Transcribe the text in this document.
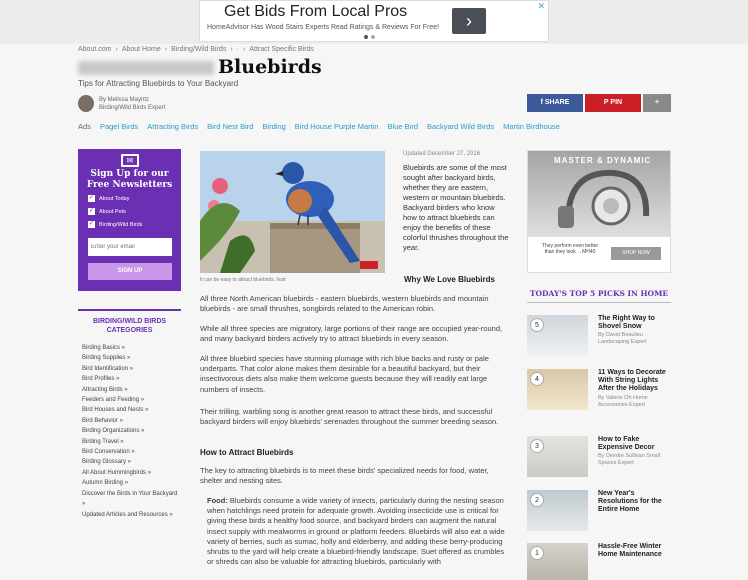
Get Bids From Local Pros
HomeAdvisor Has Wood Stairs Experts Read Ratings & Reviews For Free!	›
✕
About.com › About Home › Birding/Wild Birds › · › Attract Specific Birds
Bluebirds
Tips for Attracting Bluebirds to Your Backyard
By Melissa Mayntz
Birding/Wild Birds Expert
f SHARE	P PIN	+
Ads Pagel Birds Attracting Birds Bird Nest Bird Birding Bird House Purple Martin Blue Bird Backyard Wild Birds Martin Birdhouse
✉
Sign Up for our Free Newsletters
✓ About Today
✓ About Pets
✓ Birding/Wild Birds
Enter your email
SIGN UP
BIRDING/WILD BIRDS CATEGORIES
Birding Basics »
Birding Supplies »
Bird Identification »
Bird Profiles »
Attracting Birds »
Feeders and Feeding »
Bird Houses and Nests »
Bird Behavior »
Birding Organizations »
Birding Travel »
Bird Conservation »
Birding Glossary »
All About Hummingbirds »
Autumn Birding »
Discover the Birds in Your Backyard »
Updated Articles and Resources »
It can be easy to attract bluebirds. Ixstr
Updated December 27, 2016
Bluebirds are some of the most sought after backyard birds, whether they are eastern, western or mountain bluebirds. Backyard birders who know how to attract bluebirds can enjoy the benefits of these colorful thrushes throughout the year.
Why We Love Bluebirds
All three North American bluebirds - eastern bluebirds, western bluebirds and mountain bluebirds - are small thrushes, songbirds related to the American robin.
While all three species are migratory, large portions of their range are occupied year-round, and many backyard birders actively try to attract bluebirds in every season.
All three bluebird species have stunning plumage with rich blue backs and rusty or pale underparts. That color alone makes them desirable for a beautiful backyard, but their insectivorous diets also make them welcome guests because they will readily eat large numbers of insects.
Their trilling, warbling song is another great reason to attract these birds, and successful backyard birders will enjoy bluebirds' serenades throughout the summer breeding season.
How to Attract Bluebirds
The key to attracting bluebirds is to meet these birds' specialized needs for food, water, shelter and nesting sites.
Food: Bluebirds consume a wide variety of insects, particularly during the nesting season when hatchlings need protein for adequate growth. Avoiding insecticide use is critical for giving these birds a healthy food source, and backyard birders can augment the natural insect supply with mealworms in ground or platform feeders. Bluebirds will also eat a wide variety of berries, such as sumac, holly and elderberry, and adding these berry-producing shrubs to the yard will help create a bluebird-friendly landscape. Suet offered as crumbles or shreds can also be valuable for attracting bluebirds, particularly with
MASTER & DYNAMIC
They perform even better than they look →MH40	SHOP NOW
TODAY'S TOP 5 PICKS IN HOME
5
The Right Way to Shovel Snow
By David Beaulieu Landscaping Expert
4
11 Ways to Decorate With String Lights After the Holidays
By Valerie Oh Home Accessories Expert
3
How to Fake Expensive Decor
By Deirdre Sullivan Small Spaces Expert
2
New Year's Resolutions for the Entire Home
1
Hassle-Free Winter Home Maintenance
